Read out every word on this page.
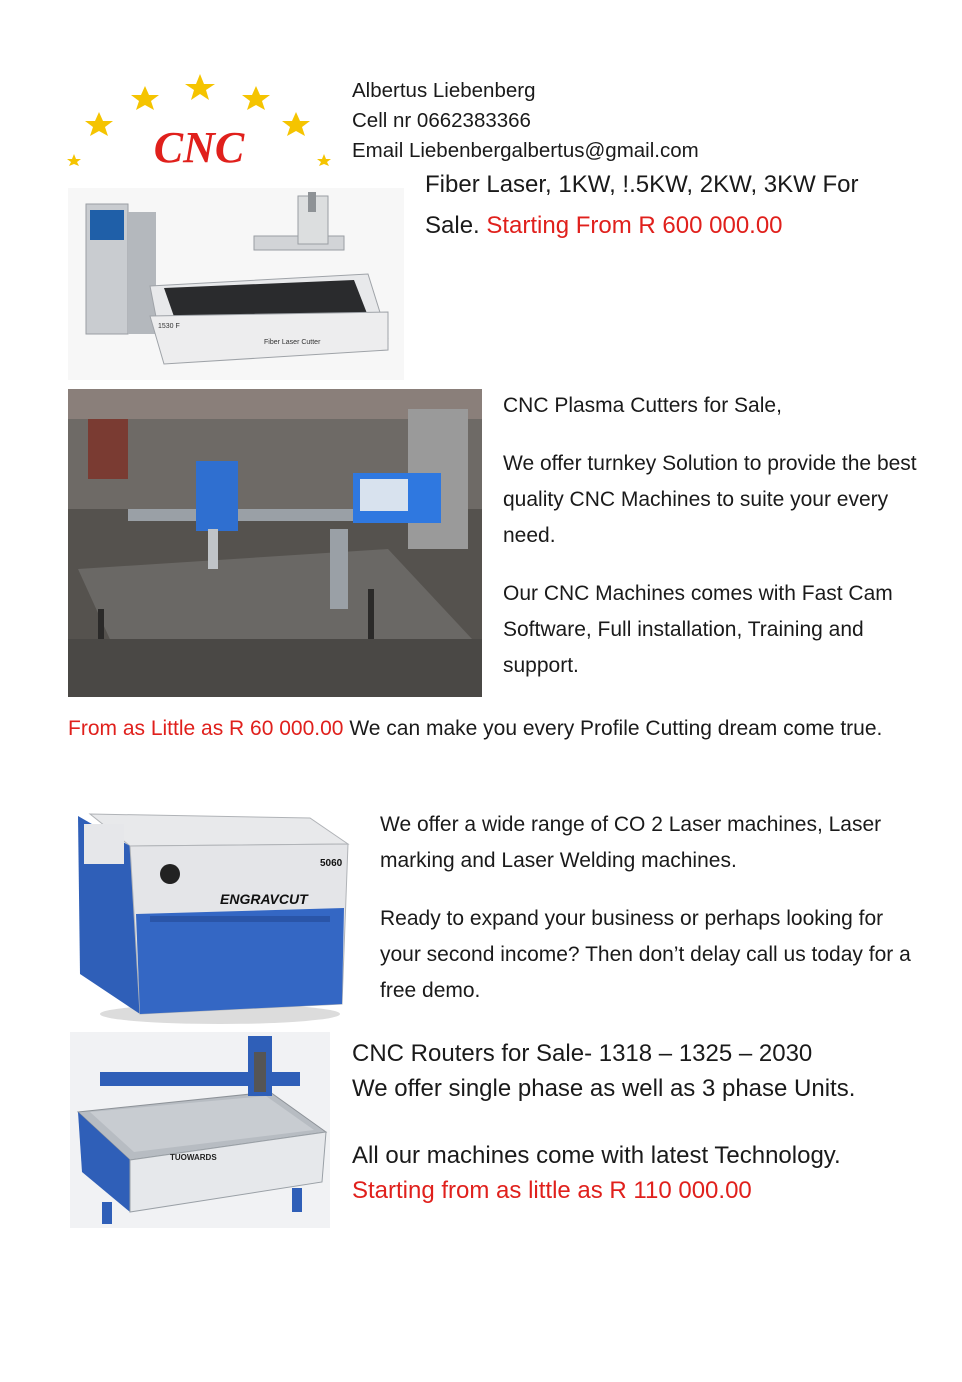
CNC
Albertus Liebenberg
Cell nr 0662383366
Email Liebenbergalbertus@gmail.com
Fiber Laser, 1KW, !.5KW, 2KW, 3KW For Sale. Starting From R 600 000.00
1530 F
Fiber Laser Cutter

CNC Plasma Cutters for Sale,

We offer turnkey Solution to provide the best quality CNC Machines to suite your every need.

Our CNC Machines comes with Fast Cam Software, Full installation, Training and support.

From as Little as R 60 000.00 We can make you every Profile Cutting dream come true.
ENGRAVCUT
5060

We offer a wide range of CO 2 Laser machines, Laser marking and Laser Welding machines.

Ready to expand your business or perhaps looking for your second income? Then don’t delay call us today for a free demo.

TUOWARDS

CNC Routers for Sale- 1318 – 1325 – 2030

We offer single phase as well as 3 phase Units.

All our machines come with latest Technology.

Starting from as little as R 110 000.00
